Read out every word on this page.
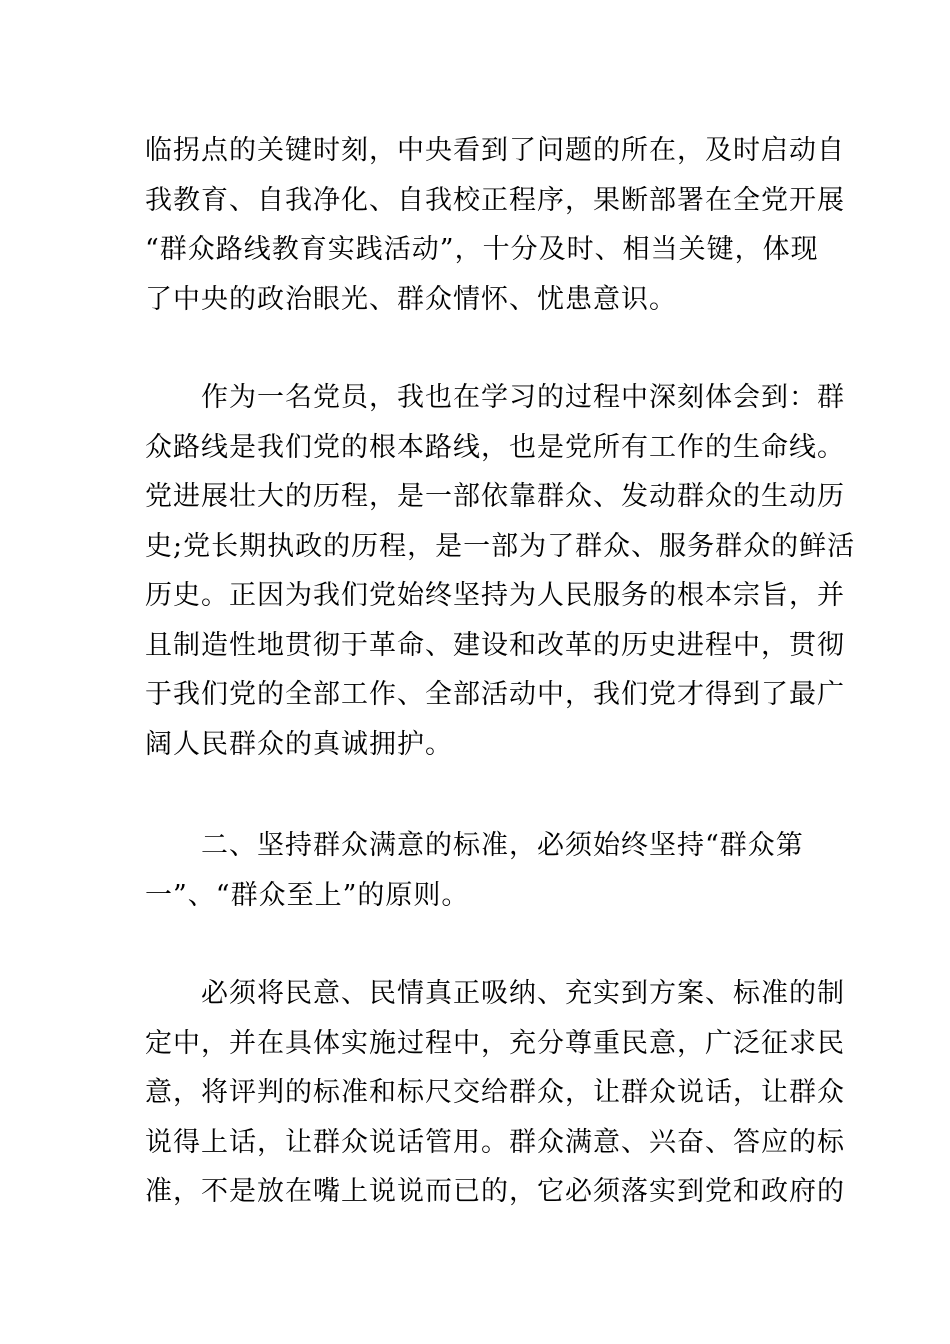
临拐点的关键时刻，中央看到了问题的所在，及时启动自
我教育、自我净化、自我校正程序，果断部署在全党开展
“群众路线教育实践活动”，十分及时、相当关键，体现
了中央的政治眼光、群众情怀、忧患意识。
作为一名党员，我也在学习的过程中深刻体会到：群
众路线是我们党的根本路线，也是党所有工作的生命线。
党进展壮大的历程，是一部依靠群众、发动群众的生动历
史;党长期执政的历程，是一部为了群众、服务群众的鲜活
历史。正因为我们党始终坚持为人民服务的根本宗旨，并
且制造性地贯彻于革命、建设和改革的历史进程中，贯彻
于我们党的全部工作、全部活动中，我们党才得到了最广
阔人民群众的真诚拥护。
二、坚持群众满意的标准，必须始终坚持“群众第
一”、“群众至上”的原则。
必须将民意、民情真正吸纳、充实到方案、标准的制
定中，并在具体实施过程中，充分尊重民意，广泛征求民
意，将评判的标准和标尺交给群众，让群众说话，让群众
说得上话，让群众说话管用。群众满意、兴奋、答应的标
准，不是放在嘴上说说而已的，它必须落实到党和政府的
